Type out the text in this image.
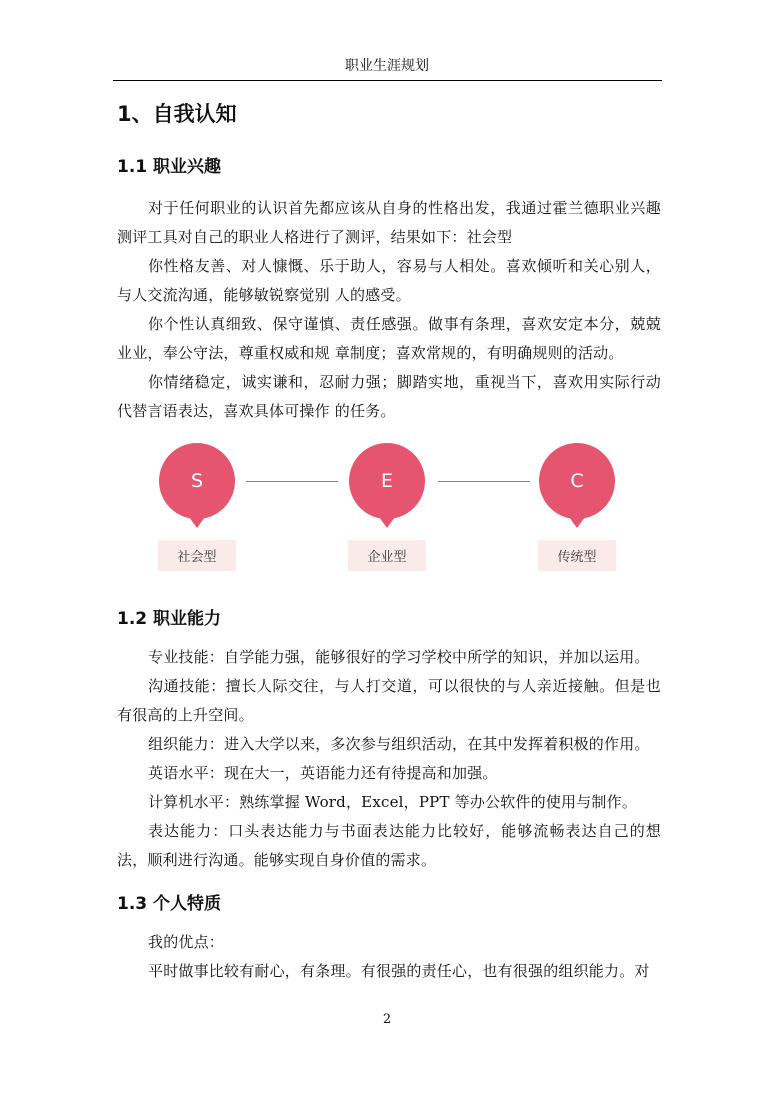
职业生涯规划
1、自我认知
1.1 职业兴趣

对于任何职业的认识首先都应该从自身的性格出发，我通过霍兰德职业兴趣测评工具对自己的职业人格进行了测评，结果如下：社会型

你性格友善、对人慷慨、乐于助人，容易与人相处。喜欢倾听和关心别人，与人交流沟通，能够敏锐察觉别 人的感受。

你个性认真细致、保守谨慎、责任感强。做事有条理，喜欢安定本分，兢兢业业，奉公守法，尊重权威和规 章制度；喜欢常规的，有明确规则的活动。

你情绪稳定，诚实谦和，忍耐力强；脚踏实地，重视当下，喜欢用实际行动代替言语表达，喜欢具体可操作 的任务。

S
社会型
E
企业型
C
传统型
1.2 职业能力

专业技能：自学能力强，能够很好的学习学校中所学的知识，并加以运用。

沟通技能：擅长人际交往，与人打交道，可以很快的与人亲近接触。但是也有很高的上升空间。

组织能力：进入大学以来，多次参与组织活动，在其中发挥着积极的作用。

英语水平：现在大一，英语能力还有待提高和加强。

计算机水平：熟练掌握 Word，Excel，PPT 等办公软件的使用与制作。

表达能力：口头表达能力与书面表达能力比较好，能够流畅表达自己的想法，顺利进行沟通。能够实现自身价值的需求。

1.3 个人特质

我的优点：

平时做事比较有耐心，有条理。有很强的责任心，也有很强的组织能力。对

2
